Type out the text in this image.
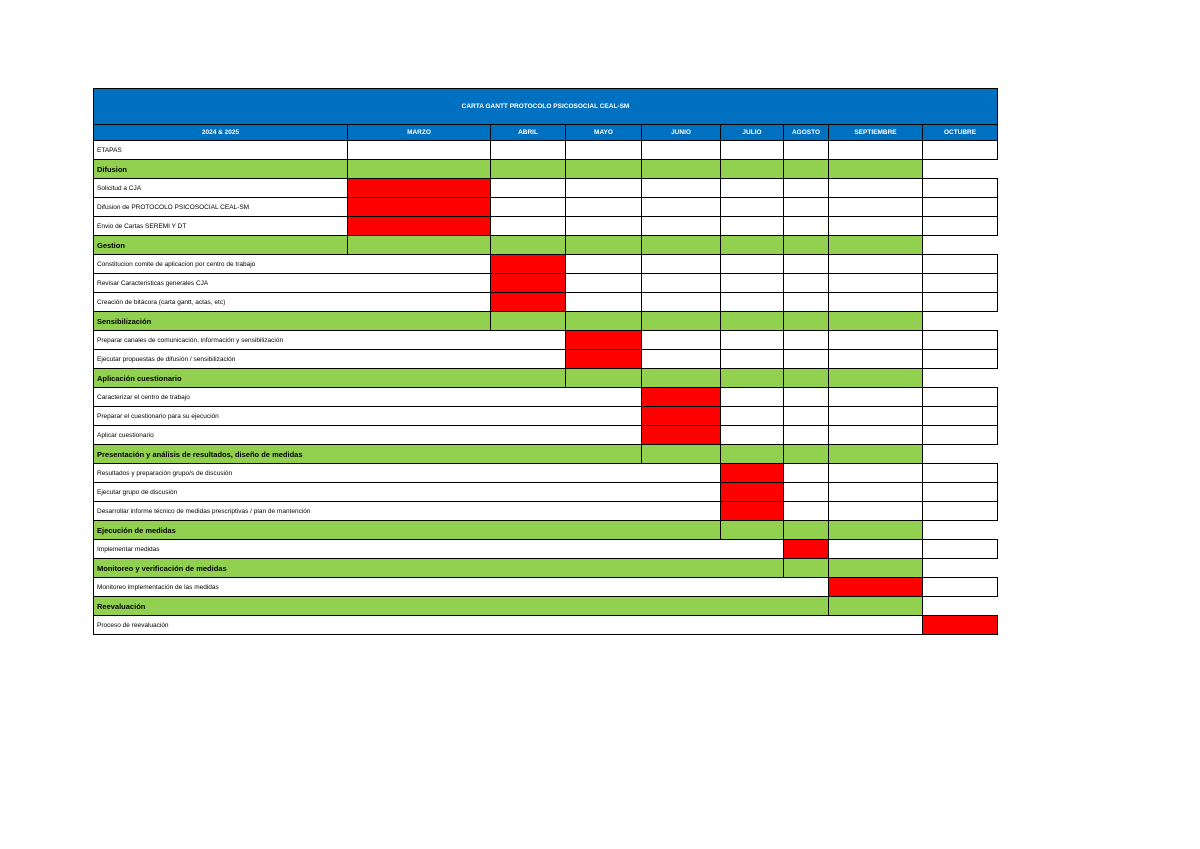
CARTA GANTT PROTOCOLO PSICOSOCIAL CEAL-SM								
2024 & 2025	MARZO	ABRIL	MAYO	JUNIO	JULIO	AGOSTO	SEPTIEMBRE	OCTUBRE
ETAPAS								
Difusion								
Solicitud a CJA								
Difusion de PROTOCOLO PSICOSOCIAL CEAL-SM								
Envio de Cartas SEREMI Y DT								
Gestion								
Constitucion comite de aplicacion por centro de trabajo								
Revisar Caracteristicas generales CJA								
Creación de bitácora (carta gantt, actas, etc)								
Sensibilización								
Preparar canales de comunicación, información y sensibilización								
Ejecutar propuestas de difusión / sensibilización								
Aplicación cuestionario								
Caracterizar el centro de trabajo								
Preparar el cuestionario para su ejecución								
Aplicar cuestionario								
Presentación y análisis de resultados, diseño de medidas								
Resultados y preparación grupo/s de discusión								
Ejecutar grupo de discusión								
Desarrollar informe técnico de medidas prescriptivas / plan de mantención								
Ejecución de medidas								
Implementar medidas								
Monitoreo y verificación de medidas								
Monitoreo implementación de las medidas								
Reevaluación								
Proceso de reevaluación								
